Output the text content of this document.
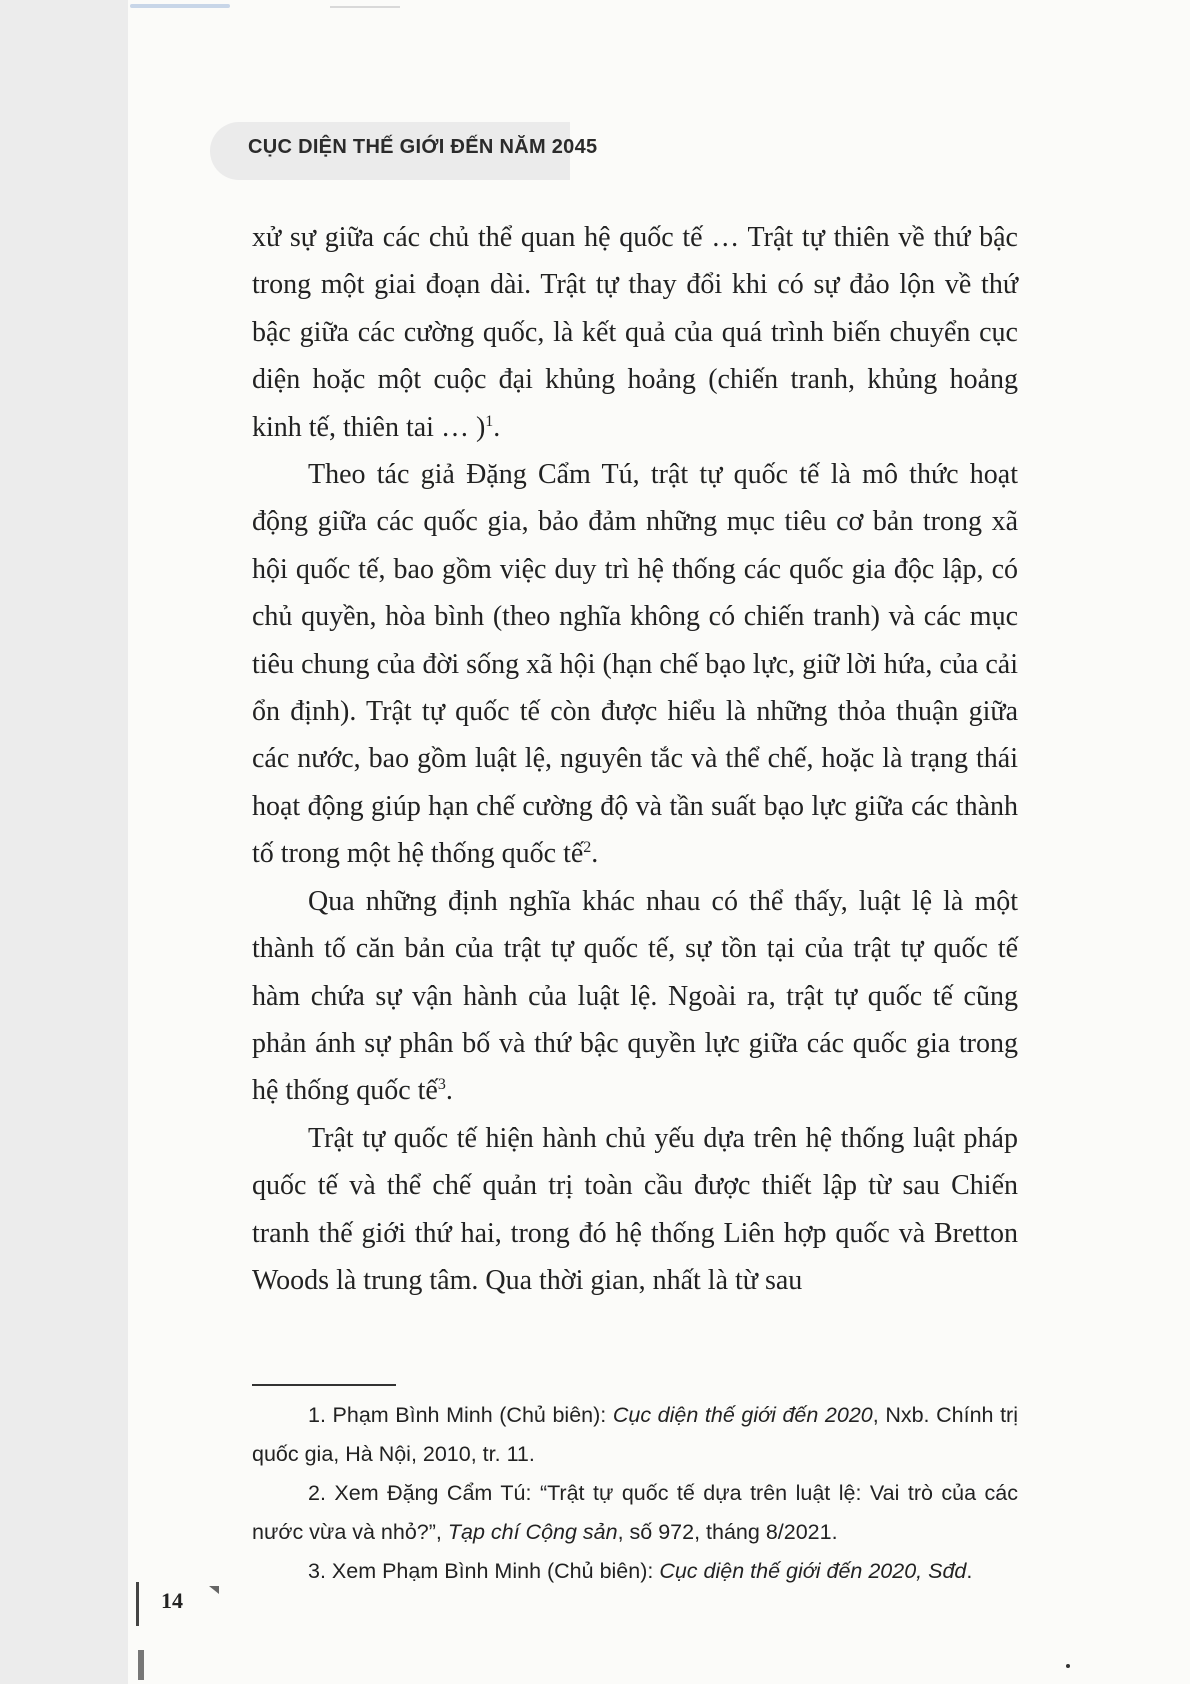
CỤC DIỆN THẾ GIỚI ĐẾN NĂM 2045

xử sự giữa các chủ thể quan hệ quốc tế … Trật tự thiên về thứ bậc trong một giai đoạn dài. Trật tự thay đổi khi có sự đảo lộn về thứ bậc giữa các cường quốc, là kết quả của quá trình biến chuyển cục diện hoặc một cuộc đại khủng hoảng (chiến tranh, khủng hoảng kinh tế, thiên tai … )$^1$.

Theo tác giả Đặng Cẩm Tú, trật tự quốc tế là mô thức hoạt động giữa các quốc gia, bảo đảm những mục tiêu cơ bản trong xã hội quốc tế, bao gồm việc duy trì hệ thống các quốc gia độc lập, có chủ quyền, hòa bình (theo nghĩa không có chiến tranh) và các mục tiêu chung của đời sống xã hội (hạn chế bạo lực, giữ lời hứa, của cải ổn định). Trật tự quốc tế còn được hiểu là những thỏa thuận giữa các nước, bao gồm luật lệ, nguyên tắc và thể chế, hoặc là trạng thái hoạt động giúp hạn chế cường độ và tần suất bạo lực giữa các thành tố trong một hệ thống quốc tế$^2$.

Qua những định nghĩa khác nhau có thể thấy, luật lệ là một thành tố căn bản của trật tự quốc tế, sự tồn tại của trật tự quốc tế hàm chứa sự vận hành của luật lệ. Ngoài ra, trật tự quốc tế cũng phản ánh sự phân bố và thứ bậc quyền lực giữa các quốc gia trong hệ thống quốc tế$^3$.

Trật tự quốc tế hiện hành chủ yếu dựa trên hệ thống luật pháp quốc tế và thể chế quản trị toàn cầu được thiết lập từ sau Chiến tranh thế giới thứ hai, trong đó hệ thống Liên hợp quốc và Bretton Woods là trung tâm. Qua thời gian, nhất là từ sau

1. Phạm Bình Minh (Chủ biên): Cục diện thế giới đến 2020, Nxb. Chính trị quốc gia, Hà Nội, 2010, tr. 11.

2. Xem Đặng Cẩm Tú: “Trật tự quốc tế dựa trên luật lệ: Vai trò của các nước vừa và nhỏ?”, Tạp chí Cộng sản, số 972, tháng 8/2021.

3. Xem Phạm Bình Minh (Chủ biên): Cục diện thế giới đến 2020, Sđd.

14
